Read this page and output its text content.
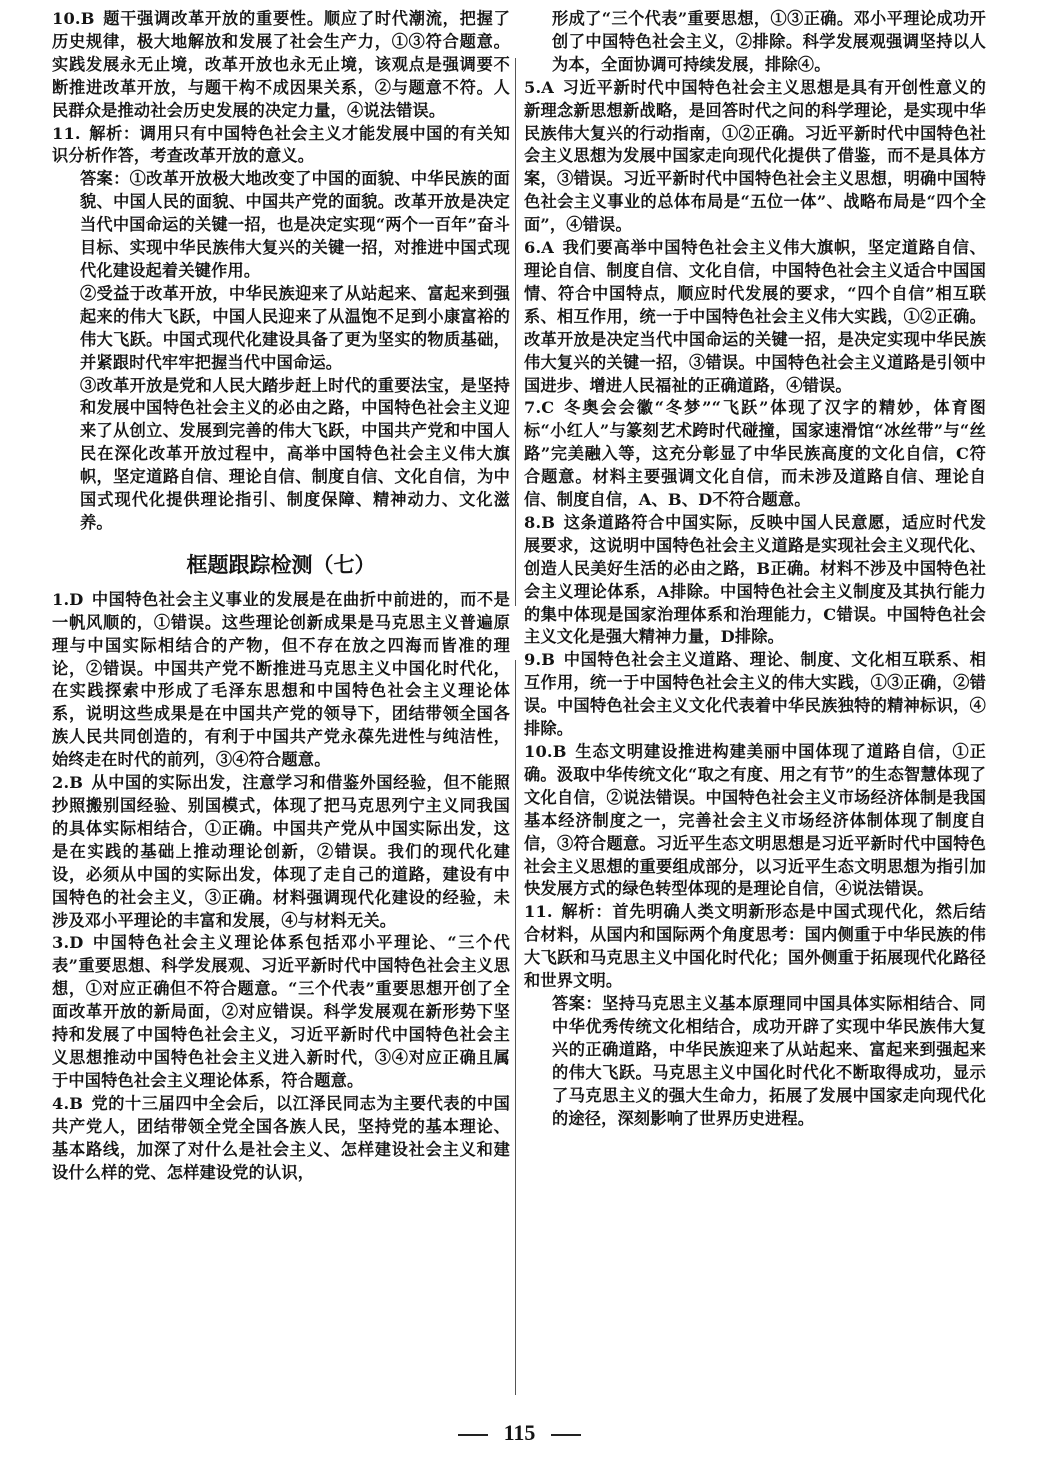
10.B 题干强调改革开放的重要性。顺应了时代潮流，把握了历史规律，极大地解放和发展了社会生产力，①③符合题意。实践发展永无止境，改革开放也永无止境，该观点是强调要不断推进改革开放，与题干构不成因果关系，②与题意不符。人民群众是推动社会历史发展的决定力量，④说法错误。

11. 解析：调用只有中国特色社会主义才能发展中国的有关知识分析作答，考查改革开放的意义。

答案：①改革开放极大地改变了中国的面貌、中华民族的面貌、中国人民的面貌、中国共产党的面貌。改革开放是决定当代中国命运的关键一招，也是决定实现“两个一百年”奋斗目标、实现中华民族伟大复兴的关键一招，对推进中国式现代化建设起着关键作用。

②受益于改革开放，中华民族迎来了从站起来、富起来到强起来的伟大飞跃，中国人民迎来了从温饱不足到小康富裕的伟大飞跃。中国式现代化建设具备了更为坚实的物质基础，并紧跟时代牢牢把握当代中国命运。

③改革开放是党和人民大踏步赶上时代的重要法宝，是坚持和发展中国特色社会主义的必由之路，中国特色社会主义迎来了从创立、发展到完善的伟大飞跃，中国共产党和中国人民在深化改革开放过程中，高举中国特色社会主义伟大旗帜，坚定道路自信、理论自信、制度自信、文化自信，为中国式现代化提供理论指引、制度保障、精神动力、文化滋养。

框题跟踪检测（七）

1.D 中国特色社会主义事业的发展是在曲折中前进的，而不是一帆风顺的，①错误。这些理论创新成果是马克思主义普遍原理与中国实际相结合的产物，但不存在放之四海而皆准的理论，②错误。中国共产党不断推进马克思主义中国化时代化，在实践探索中形成了毛泽东思想和中国特色社会主义理论体系，说明这些成果是在中国共产党的领导下，团结带领全国各族人民共同创造的，有利于中国共产党永葆先进性与纯洁性，始终走在时代的前列，③④符合题意。

2.B 从中国的实际出发，注意学习和借鉴外国经验，但不能照抄照搬别国经验、别国模式，体现了把马克思列宁主义同我国的具体实际相结合，①正确。中国共产党从中国实际出发，这是在实践的基础上推动理论创新，②错误。我们的现代化建设，必须从中国的实际出发，体现了走自己的道路，建设有中国特色的社会主义，③正确。材料强调现代化建设的经验，未涉及邓小平理论的丰富和发展，④与材料无关。

3.D 中国特色社会主义理论体系包括邓小平理论、“三个代表”重要思想、科学发展观、习近平新时代中国特色社会主义思想，①对应正确但不符合题意。“三个代表”重要思想开创了全面改革开放的新局面，②对应错误。科学发展观在新形势下坚持和发展了中国特色社会主义，习近平新时代中国特色社会主义思想推动中国特色社会主义进入新时代，③④对应正确且属于中国特色社会主义理论体系，符合题意。

4.B 党的十三届四中全会后，以江泽民同志为主要代表的中国共产党人，团结带领全党全国各族人民，坚持党的基本理论、基本路线，加深了对什么是社会主义、怎样建设社会主义和建设什么样的党、怎样建设党的认识，

形成了“三个代表”重要思想，①③正确。邓小平理论成功开创了中国特色社会主义，②排除。科学发展观强调坚持以人为本，全面协调可持续发展，排除④。

5.A 习近平新时代中国特色社会主义思想是具有开创性意义的新理念新思想新战略，是回答时代之问的科学理论，是实现中华民族伟大复兴的行动指南，①②正确。习近平新时代中国特色社会主义思想为发展中国家走向现代化提供了借鉴，而不是具体方案，③错误。习近平新时代中国特色社会主义思想，明确中国特色社会主义事业的总体布局是“五位一体”、战略布局是“四个全面”，④错误。

6.A 我们要高举中国特色社会主义伟大旗帜，坚定道路自信、理论自信、制度自信、文化自信，中国特色社会主义适合中国国情、符合中国特点，顺应时代发展的要求，“四个自信”相互联系、相互作用，统一于中国特色社会主义伟大实践，①②正确。改革开放是决定当代中国命运的关键一招，是决定实现中华民族伟大复兴的关键一招，③错误。中国特色社会主义道路是引领中国进步、增进人民福祉的正确道路，④错误。

7.C 冬奥会会徽“冬梦”“飞跃”体现了汉字的精妙，体育图标“小红人”与篆刻艺术跨时代碰撞，国家速滑馆“冰丝带”与“丝路”完美融入等，这充分彰显了中华民族高度的文化自信，C符合题意。材料主要强调文化自信，而未涉及道路自信、理论自信、制度自信，A、B、D不符合题意。

8.B 这条道路符合中国实际，反映中国人民意愿，适应时代发展要求，这说明中国特色社会主义道路是实现社会主义现代化、创造人民美好生活的必由之路，B正确。材料不涉及中国特色社会主义理论体系，A排除。中国特色社会主义制度及其执行能力的集中体现是国家治理体系和治理能力，C错误。中国特色社会主义文化是强大精神力量，D排除。

9.B 中国特色社会主义道路、理论、制度、文化相互联系、相互作用，统一于中国特色社会主义的伟大实践，①③正确，②错误。中国特色社会主义文化代表着中华民族独特的精神标识，④排除。

10.B 生态文明建设推进构建美丽中国体现了道路自信，①正确。汲取中华传统文化“取之有度、用之有节”的生态智慧体现了文化自信，②说法错误。中国特色社会主义市场经济体制是我国基本经济制度之一，完善社会主义市场经济体制体现了制度自信，③符合题意。习近平生态文明思想是习近平新时代中国特色社会主义思想的重要组成部分，以习近平生态文明思想为指引加快发展方式的绿色转型体现的是理论自信，④说法错误。

11. 解析：首先明确人类文明新形态是中国式现代化，然后结合材料，从国内和国际两个角度思考：国内侧重于中华民族的伟大飞跃和马克思主义中国化时代化；国外侧重于拓展现代化路径和世界文明。

答案：坚持马克思主义基本原理同中国具体实际相结合、同中华优秀传统文化相结合，成功开辟了实现中华民族伟大复兴的正确道路，中华民族迎来了从站起来、富起来到强起来的伟大飞跃。马克思主义中国化时代化不断取得成功，显示了马克思主义的强大生命力，拓展了发展中国家走向现代化的途径，深刻影响了世界历史进程。

115
